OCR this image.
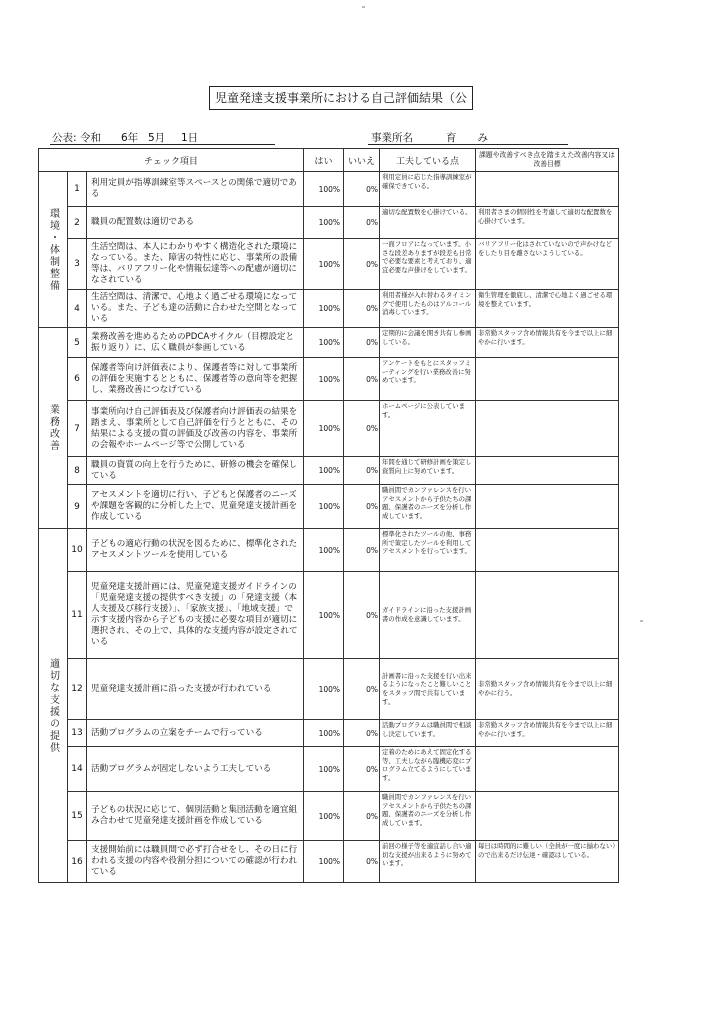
児童発達支援事業所における自己評価結果（公
公表: 令和 6年 5月 1日	事業所名	育　　み
チェック項目			はい	いいえ	工夫している点	課題や改善すべき点を踏まえた改善内容又は改善目標

環境・体制整備	1	利用定員が指導訓練室等スペースとの関係で適切である	100%	0%	利用定員に応じた指導訓練室が確保できている。	
	2	職員の配置数は適切である	100%	0%	適切な配置数を心掛けている。	利用者さまの個別性を考慮して適切な配置数を心掛けています。
	3	生活空間は、本人にわかりやすく構造化された環境になっている。また、障害の特性に応じ、事業所の設備等は、バリアフリー化や情報伝達等への配慮が適切になされている	100%	0%	一面フロアになっています。小さな段差ありますが段差も日常で必要な要素と考えており、適宜必要な声掛けをしています。	バリアフリー化はされていないので声かけなどをしたり目を離さないようしている。
	4	生活空間は、清潔で、心地よく過ごせる環境になっている。また、子ども達の活動に合わせた空間となっている	100%	0%	利用者様が入れ替わるタイミングで使用したものはアルコール消毒しています。	衛生管理を徹底し、清潔で心地よく過ごせる環境を整えています。

業務改善	5	業務改善を進めるためのPDCAサイクル（目標設定と振り返り）に、広く職員が参画している	100%	0%	定期的に会議を開き共有し参画している。	非常勤スタッフ含め情報共有を今まで以上に細やかに行います。
	6	保護者等向け評価表により、保護者等に対して事業所の評価を実施するとともに、保護者等の意向等を把握し、業務改善につなげている	100%	0%	アンケートをもとにスタッフミーティングを行い業務改善に努めています。	
	7	事業所向け自己評価表及び保護者向け評価表の結果を踏まえ、事業所として自己評価を行うとともに、その結果による支援の質の評価及び改善の内容を、事業所の会報やホームページ等で公開している	100%	0%	ホームページに公表しています。	
	8	職員の資質の向上を行うために、研修の機会を確保している	100%	0%	年間を通じて研修計画を策定し資質向上に努めています。	
	9	アセスメントを適切に行い、子どもと保護者のニーズや課題を客観的に分析した上で、児童発達支援計画を作成している	100%	0%	職員間でカンファレンスを行いアセスメントから子供たちの課題、保護者のニーズを分析し作成しています。	

適切な支援の提供	10	子どもの適応行動の状況を図るために、標準化されたアセスメントツールを使用している	100%	0%	標準化されたツールの他、事務所で策定したツールを利用してアセスメントを行っています。	
	11	児童発達支援計画には、児童発達支援ガイドラインの「児童発達支援の提供すべき支援」の「発達支援（本人支援及び移行支援）」、「家族支援」、「地域支援」で示す支援内容から子どもの支援に必要な項目が適切に選択され、その上で、具体的な支援内容が設定されている	100%	0%	ガイドラインに沿った支援計画書の作成を意識しています。	
	12	児童発達支援計画に沿った支援が行われている	100%	0%	計画書に沿った支援を行い出来るようになったこと難しいことをスタッフ間で共有しています。	非常勤スタッフ含め情報共有を今まで以上に細やかに行う。
	13	活動プログラムの立案をチームで行っている	100%	0%	活動プログラムは職員間で相談し決定しています。	非常勤スタッフ含め情報共有を今まで以上に細やかに行います。
	14	活動プログラムが固定しないよう工夫している	100%	0%	定着のためにあえて固定化する等、工夫しながら臨機応変にプログラム立てるようにしています。	
	15	子どもの状況に応じて、個別活動と集団活動を適宜組み合わせて児童発達支援計画を作成している	100%	0%	職員間でカンファレンスを行いアセスメントから子供たちの課題、保護者のニーズを分析し作成しています。	
	16	支援開始前には職員間で必ず打合せをし、その日に行われる支援の内容や役割分担についての確認が行われている	100%	0%	前回の様子等を適宜話し合い適切な支援が出来るように努めています。	毎日は時間的に難しい（全員が一度に揃わない）ので出来るだけ伝達・確認はしている。
